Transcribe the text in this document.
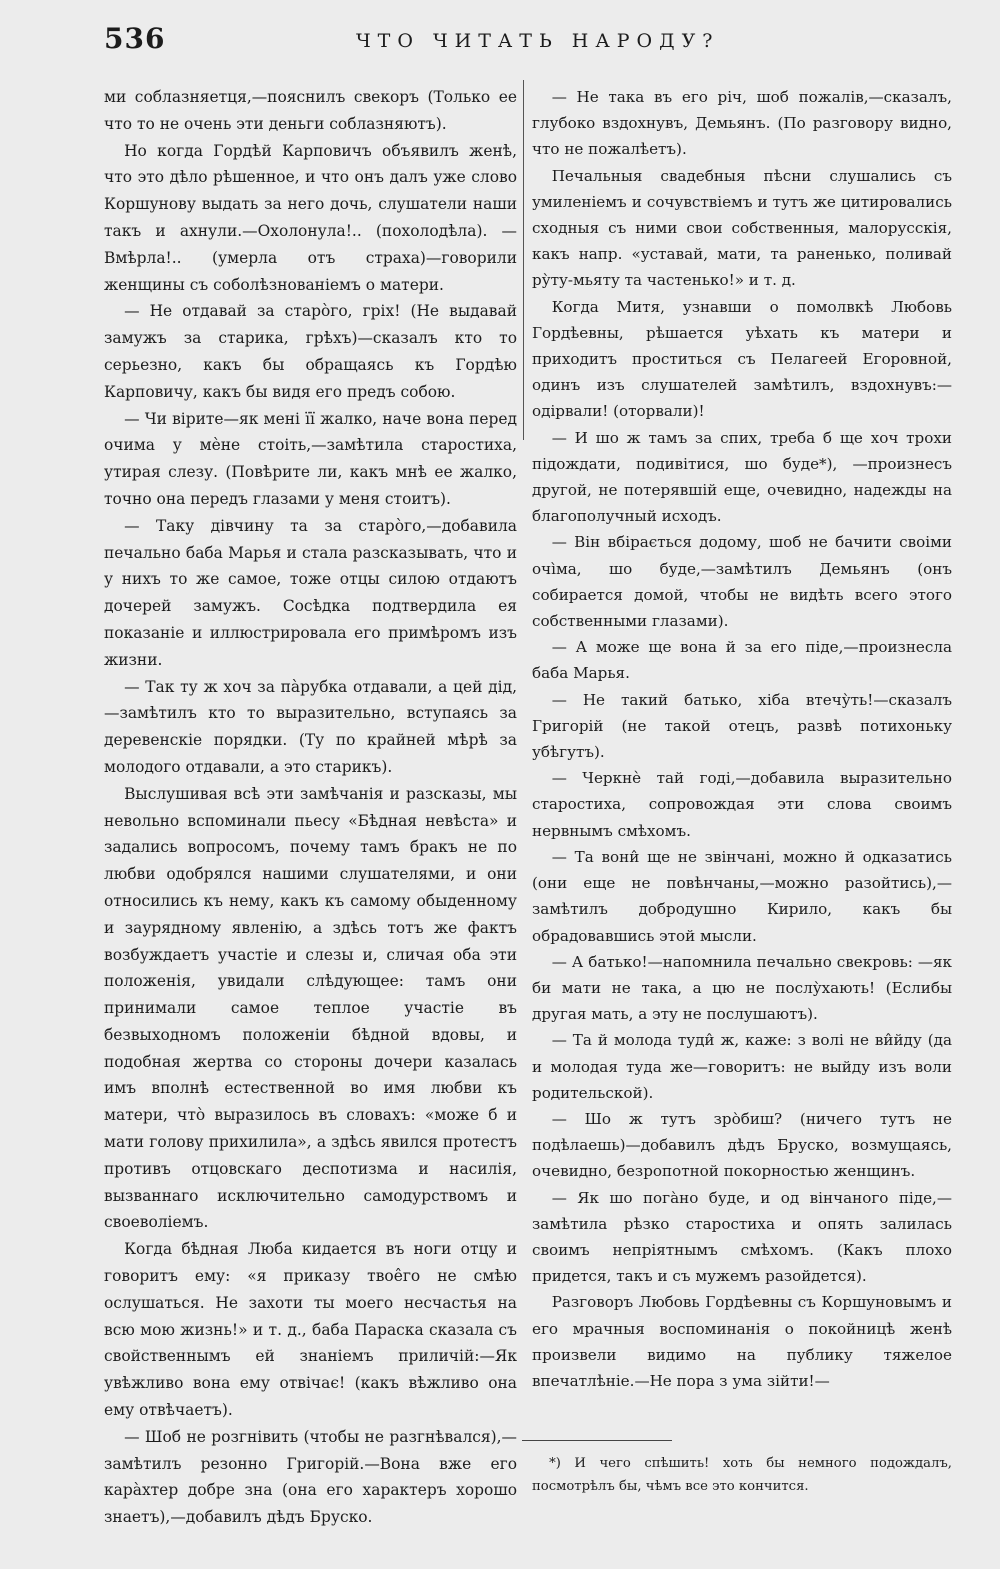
536	ЧТО ЧИТАТЬ НАРОДУ?

ми соблазняетця,—пояснилъ свекоръ (Только ее что то не очень эти деньги соблазняютъ).

Но когда Гордѣй Карповичъ объявилъ женѣ, что это дѣло рѣшенное, и что онъ далъ уже слово Коршунову выдать за него дочь, слушатели наши такъ и ахнули.—Охолонула!.. (похолодѣла). — Вмѣрла!.. (умерла отъ страха)—говорили женщины съ соболѣзнованіемъ о матери.

— Не отдавай за старо̀го, гріх! (Не выдавай замужъ за старика, грѣхъ)—сказалъ кто то серьезно, какъ бы обращаясь къ Гордѣю Карповичу, какъ бы видя его предъ собою.

— Чи вірите—як мені її жалко, наче вона перед очима у мѐне стоіть,—замѣтила старостиха, утирая слезу. (Повѣрите ли, какъ мнѣ ее жалко, точно она передъ глазами у меня стоитъ).

— Таку дівчину та за старо̀го,—добавила печально баба Марья и стала разсказывать, что и у нихъ то же самое, тоже отцы силою отдаютъ дочерей замужъ. Сосѣдка подтвердила ея показаніе и иллюстрировала его примѣромъ изъ жизни.

— Так ту ж хоч за па̀рубка отдавали, а цей дід,—замѣтилъ кто то выразительно, вступаясь за деревенскіе порядки. (Ту по крайней мѣрѣ за молодого отдавали, а это старикъ).

Выслушивая всѣ эти замѣчанія и разсказы, мы невольно вспоминали пьесу «Бѣдная невѣста» и задались вопросомъ, почему тамъ бракъ не по любви одобрялся нашими слушателями, и они относились къ нему, какъ къ самому обыденному и заурядному явленію, а здѣсь тотъ же фактъ возбуждаетъ участіе и слезы и, сличая оба эти положенія, увидали слѣдующее: тамъ они принимали самое теплое участіе въ безвыходномъ положеніи бѣдной вдовы, и подобная жертва со стороны дочери казалась имъ вполнѣ естественной во имя любви къ матери, что̀ выразилось въ словахъ: «може б и мати голову прихилила», а здѣсь явился протестъ противъ отцовскаго деспотизма и насилія, вызваннаго исключительно самодурствомъ и своеволіемъ.

Когда бѣдная Люба кидается въ ноги отцу и говоритъ ему: «я приказу твое̂го не смѣю ослушаться. Не захоти ты моего несчастья на всю мою жизнь!» и т. д., баба Параска сказала съ свойственнымъ ей знаніемъ приличій:—Як увѣжливо вона ему отвічає! (какъ вѣжливо она ему отвѣчаетъ).

— Шоб не розгнівить (чтобы не разгнѣвался),—замѣтилъ резонно Григорій.—Вона вже его кара̀хтер добре зна (она его характеръ хорошо знаетъ),—добавилъ дѣдъ Бруско.

— Не така въ его річ, шоб пожалів,—сказалъ, глубоко вздохнувъ, Демьянъ. (По разговору видно, что не пожалѣетъ).

Печальныя свадебныя пѣсни слушались съ умиленіемъ и сочувствіемъ и тутъ же цитировались сходныя съ ними свои собственныя, малорусскія, какъ напр. «уставай, мати, та раненько, поливай ру̀ту-мьяту та частенько!» и т. д.

Когда Митя, узнавши о помолвкѣ Любовь Гордѣевны, рѣшается уѣхать къ матери и приходитъ проститься съ Пелагеей Егоровной, одинъ изъ слушателей замѣтилъ, вздохнувъ:—одірвали! (оторвали)!

— И шо ж тамъ за спих, треба б ще хоч трохи підождати, подивітися, шо буде*), —произнесъ другой, не потерявшій еще, очевидно, надежды на благополучный исходъ.

— Він вбірається додому, шоб не бачити своіми очі̀ма, шо буде,—замѣтилъ Демьянъ (онъ собирается домой, чтобы не видѣть всего этого собственными глазами).

— А може ще вона й за его піде,—произнесла баба Марья.

— Не такий батько, хіба втечу̀ть!—сказалъ Григорій (не такой отецъ, развѣ потихоньку убѣгутъ).

— Черкнѐ тай годі,—добавила выразительно старостиха, сопровождая эти слова своимъ нервнымъ смѣхомъ.

— Та вони̂ ще не звінчані, можно й одказатись (они еще не повѣнчаны,—можно разойтись),—замѣтилъ добродушно Кирило, какъ бы обрадовавшись этой мысли.

— А батько!—напомнила печально свекровь: —як би мати не така, а цю не послу̀хають! (Еслибы другая мать, а эту не послушаютъ).

— Та й молода туди̂ ж, каже: з волі не ви̂йду (да и молодая туда же—говоритъ: не выйду изъ воли родительской).

— Шо ж тутъ зро̀биш? (ничего тутъ не подѣлаешь)—добавилъ дѣдъ Бруско, возмущаясь, очевидно, безропотной покорностью женщинъ.

— Як шо пога̀но буде, и од вінчаного піде,—замѣтила рѣзко старостиха и опять залилась своимъ непріятнымъ смѣхомъ. (Какъ плохо придется, такъ и съ мужемъ разойдется).

Разговоръ Любовь Гордѣевны съ Коршуновымъ и его мрачныя воспоминанія о покойницѣ женѣ произвели видимо на публику тяжелое впечатлѣніе.—Не пора з ума зійти!—

*) И чего спѣшить! хоть бы немного подождалъ, посмотрѣлъ бы, чѣмъ все это кончится.
